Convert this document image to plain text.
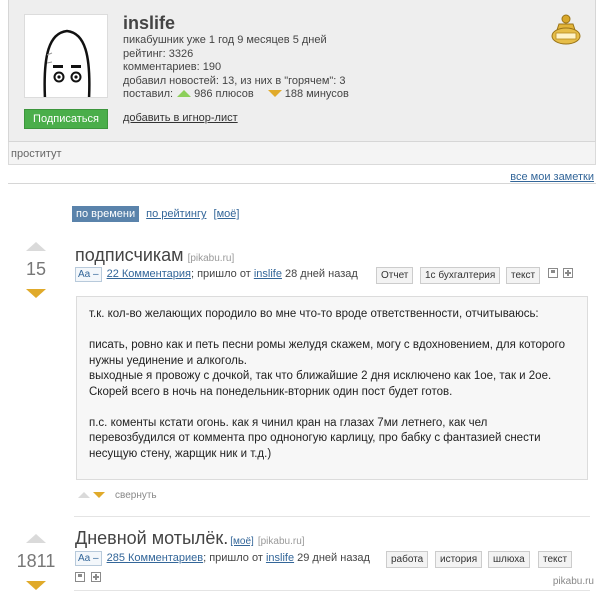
Подписаться
inslife
пикабушник уже 1 год 9 месяцев 5 дней
рейтинг: 3326
комментариев: 190
добавил новостей: 13, из них в "горячем": 3
поставил: 986 плюсов	188 минусов
добавить в игнор-лист
проститут
все мои заметки
по времени по рейтингу [моё]
15
подписчикам [pikabu.ru]
Aa – 22 Комментария; пришло от inslife 28 дней назад	Отчет	1с бухгалтерия	текст

т.к. кол-во желающих породило во мне что-то вроде ответственности, отчитываюсь:

писать, ровно как и петь песни ромы желудя скажем, могу с вдохновением, для которого нужны уединение и алкоголь.
выходные я провожу с дочкой, так что ближайшие 2 дня исключено как 1ое, так и 2ое. Скорей всего в ночь на понедельник-вторник один пост будет готов.

п.с. коменты кстати огонь. как я чинил кран на глазах 7ми летнего, как чел перевозбудился от коммента про одноногую карлицу, про бабку с фантазией снести несущую стену, жарщик ник и т.д.)

свернуть
1811
Дневной мотылёк. [моё] [pikabu.ru]
Aa – 285 Комментариев; пришло от inslife 29 дней назад	работа	история	шлюха	текст
pikabu.ru
